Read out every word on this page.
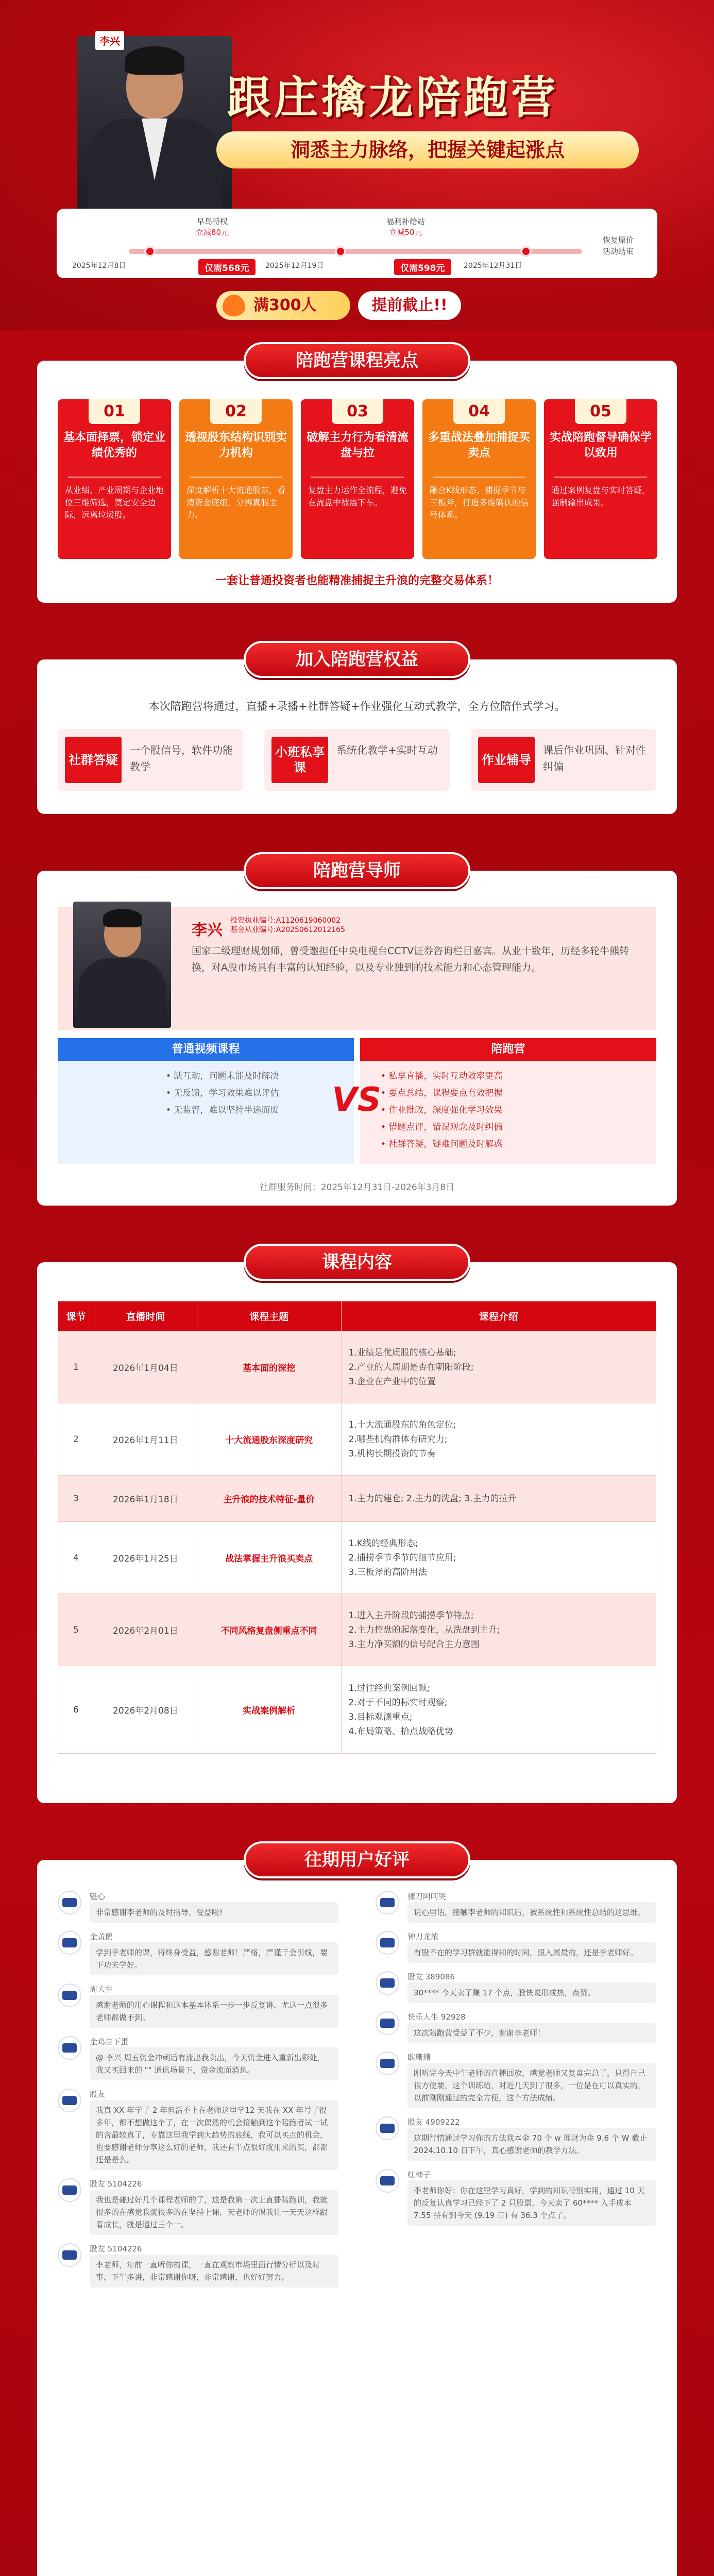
李兴
跟庄擒龙陪跑营
洞悉主力脉络，把握关键起涨点
早鸟特权
立减80元
福利补给站
立减50元
2025年12月8日	仅需568元	2025年12月19日	仅需598元	2025年12月31日
恢复原价
活动结束
满300人	提前截止!!
陪跑营课程亮点
01
基本面择票，锁定业绩优秀的
从业绩、产业周期与企业地位三维筛选，奠定安全边际，远离垃圾股。
02
透视股东结构识别实力机构
深度解析十大流通股东，看清资金底细，分辨真假主力。
03
破解主力行为看清流盘与拉
复盘主力运作全流程，避免在流盘中被震下车。
04
多重战法叠加捕捉买卖点
融合K线形态、捕捉季节与三板斧，打造多维确认的信号体系。
05
实战陪跑督导确保学以致用
通过案例复盘与实时答疑，强制输出成果。
一套让普通投资者也能精准捕捉主升浪的完整交易体系！
加入陪跑营权益
本次陪跑营将通过，直播+录播+社群答疑+作业强化互动式教学，全方位陪伴式学习。
社群答疑
一个股信号，软件功能教学
小班私享课
系统化教学+实时互动
作业辅导
课后作业巩固、针对性纠偏
陪跑营导师
李兴
投资执业编号:A1120619060002
基金从业编号:A20250612012165
国家二级理财规划师，曾受邀担任中央电视台CCTV证券咨询栏目嘉宾。从业十数年，历经多轮牛熊转换，对A股市场具有丰富的认知经验，以及专业独到的技术能力和心态管理能力。
普通视频课程
• 缺互动，问题未能及时解决
• 无反馈，学习效果难以评估
• 无监督，难以坚持半途而废
陪跑营
• 私享直播，实时互动效率更高
• 要点总结，课程要点有效把握
• 作业批改，深度强化学习效果
• 错题点评，错误观念及时纠偏
• 社群答疑，疑难问题及时解惑
VS
社群服务时间：2025年12月31日-2026年3月8日
课程内容
课节	直播时间	课程主题	课程介绍
1	2026年1月04日	基本面的深挖	1.业绩是优质股的核心基础;
2.产业的大周期是否在朝阳阶段;
3.企业在产业中的位置

2	2026年1月11日	十大流通股东深度研究	1.十大流通股东的角色定位;
2.哪些机构群体有研究力;
3.机构长期投资的节奏

3	2026年1月18日	主升浪的技术特征-量价	1.主力的建仓; 2.主力的洗盘; 3.主力的拉升

4	2026年1月25日	战法掌握主升浪买卖点	1.K线的经典形态;
2.捕捞季节季节的细节应用;
3.三板斧的高阶用法

5	2026年2月01日	不同风格复盘侧重点不同	1.进入主升阶段的捕捞季节特点;
2.主力控盘的起落变化，从洗盘到主升;
3.主力净买额的信号配合主力意图

6	2026年2月08日	实战案例解析	1.过往经典案例回顾;
2.对于不同的标实时观察;
3.目标观测重点;
4.布局策略、拾点战略优势
往期用户好评
魁心
非常感谢李老师的及时指导，受益啦!
金黄鹅
学到李老师的课，将终身受益，感谢老师！严格，严谨千金引线，要下功夫学好。
周大生
感谢老师的用心课程和这本基本体系一步一步反复讲，尤这一点很多老师都做不到。
金鸡自下蛋
@ 李兴 周五资金冲刺后有流出我卖出，今天资金进入重新出彩处，我又买回来的 "" 通讯场景下，资金流面消息。
股友
我真 XX 年学了 2 年但活不上在老师这里学12 天我在 XX 年号了很多年，都不想做这个了，在一次偶然的机会接触到这个陪跑者试一试的含最较真了，专靠这里我学到大趋势的底线，我可以买点的机会，也要感谢老师分享这么好的老师，我还有半点很好就用来的买，都都还是是么。
股友 5104226
我也是碰过好几个课程老师的了，这是我第一次上直播陪跑训，我就很多的在感觉我就很多的在坚持上课，天老师的课我让一天天这样跟着成长，就是通过三个一。
股友 5104226
李老师，年前一直听你的课，一直在观察市场里面行情分析以及时事，下午多讲，非常感谢你呀，非常感谢，也好好努力。
骤刀阿呵哭
说心里话，接触李老师的知识后，被系统性和系统性总结的这思维。
钟刀龙浓
有股不在的学习群就能得知的时间，跟入属最的，还是李老师好。
股友 389086
30**** 今天卖了赚 17 个点，股快说形成热，点赞。
快乐人生 92928
这次陪跑营受益了不少，谢谢李老师！
欧珊珊
刚听完今天中午老师的直播回放，感觉老师又复盘完总了，只得自己很方便要，这个训练给，对近几天到了很多，一位是在可以真实的，以前刚刚通过的完全方便，这个方法成绩。
股友 4909222
这期行情通过学习你的方法我本金 70 个 w 理财为金 9.6 个 W 截止 2024.10.10 日下午，真心感谢老师的教学方法。
红柿子
李老师你好：你在这里学习真好，学到的知识特别实用，通过 10 天的反复认真学习已经下了 2 只股票，今天卖了 60**** 入手成本 7.55 持有到今天 (9.19 日) 有 36.3 个点了。
